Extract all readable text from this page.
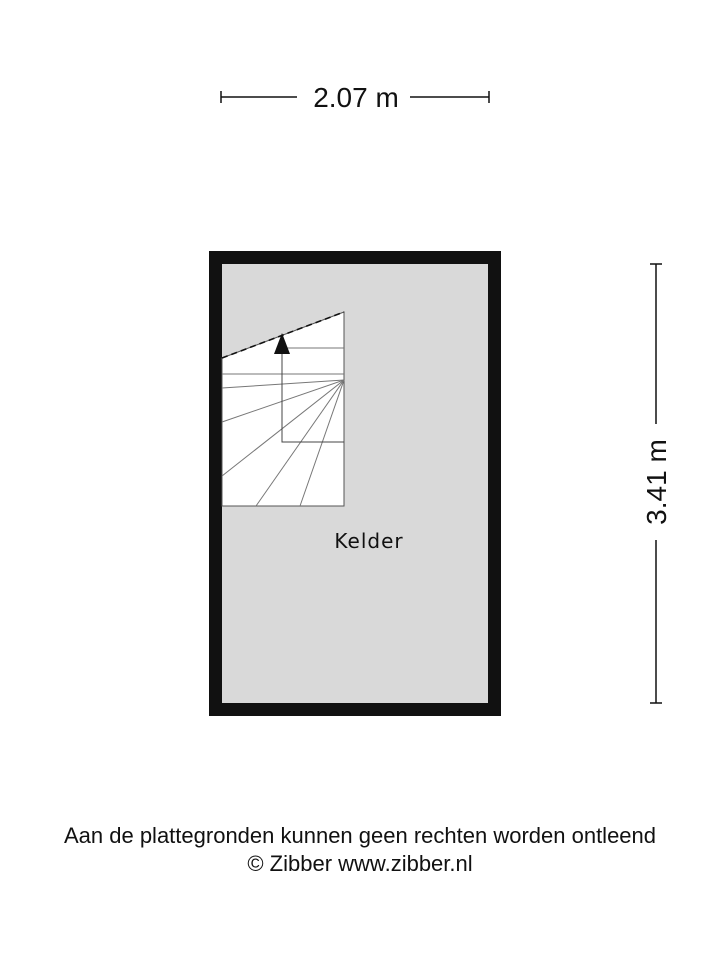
2.07 m
3.41 m
Kelder
Aan de plattegronden kunnen geen rechten worden ontleend
© Zibber www.zibber.nl
